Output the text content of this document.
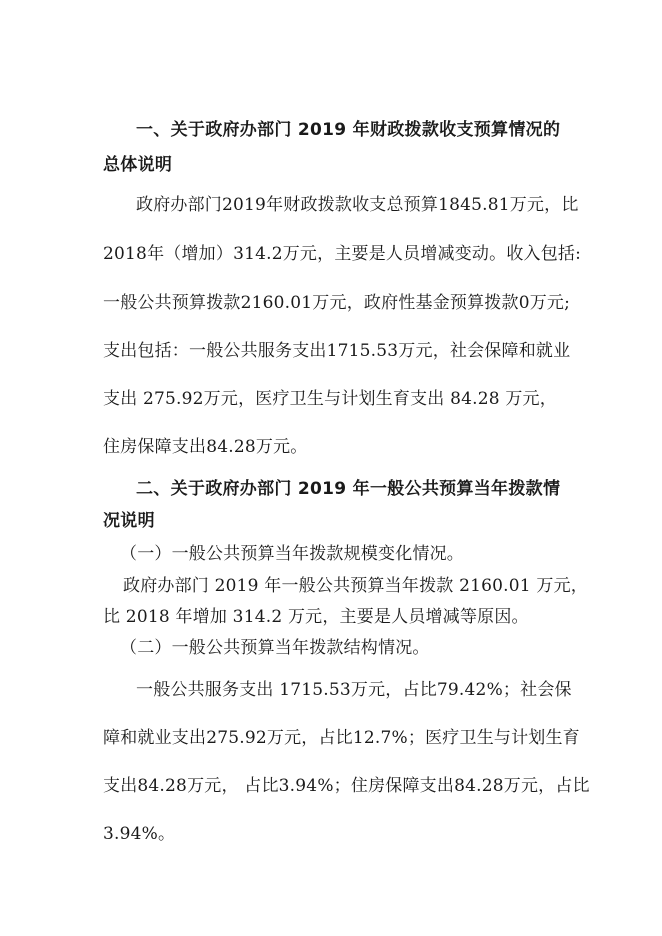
一、关于政府办部门 2019 年财政拨款收支预算情况的
总体说明
政府办部门2019年财政拨款收支总预算1845.81万元，比
2018年（增加）314.2万元，主要是人员增减变动。收入包括:
一般公共预算拨款2160.01万元，政府性基金预算拨款0万元;
支出包括：一般公共服务支出1715.53万元，社会保障和就业
支出 275.92万元，医疗卫生与计划生育支出 84.28 万元，
住房保障支出84.28万元。
二、关于政府办部门 2019 年一般公共预算当年拨款情
况说明
（一）一般公共预算当年拨款规模变化情况。
政府办部门 2019 年一般公共预算当年拨款 2160.01 万元，
比 2018 年增加 314.2 万元，主要是人员增减等原因。
（二）一般公共预算当年拨款结构情况。
一般公共服务支出 1715.53万元，占比79.42%；社会保
障和就业支出275.92万元，占比12.7%；医疗卫生与计划生育
支出84.28万元， 占比3.94%；住房保障支出84.28万元，占比
3.94%。
